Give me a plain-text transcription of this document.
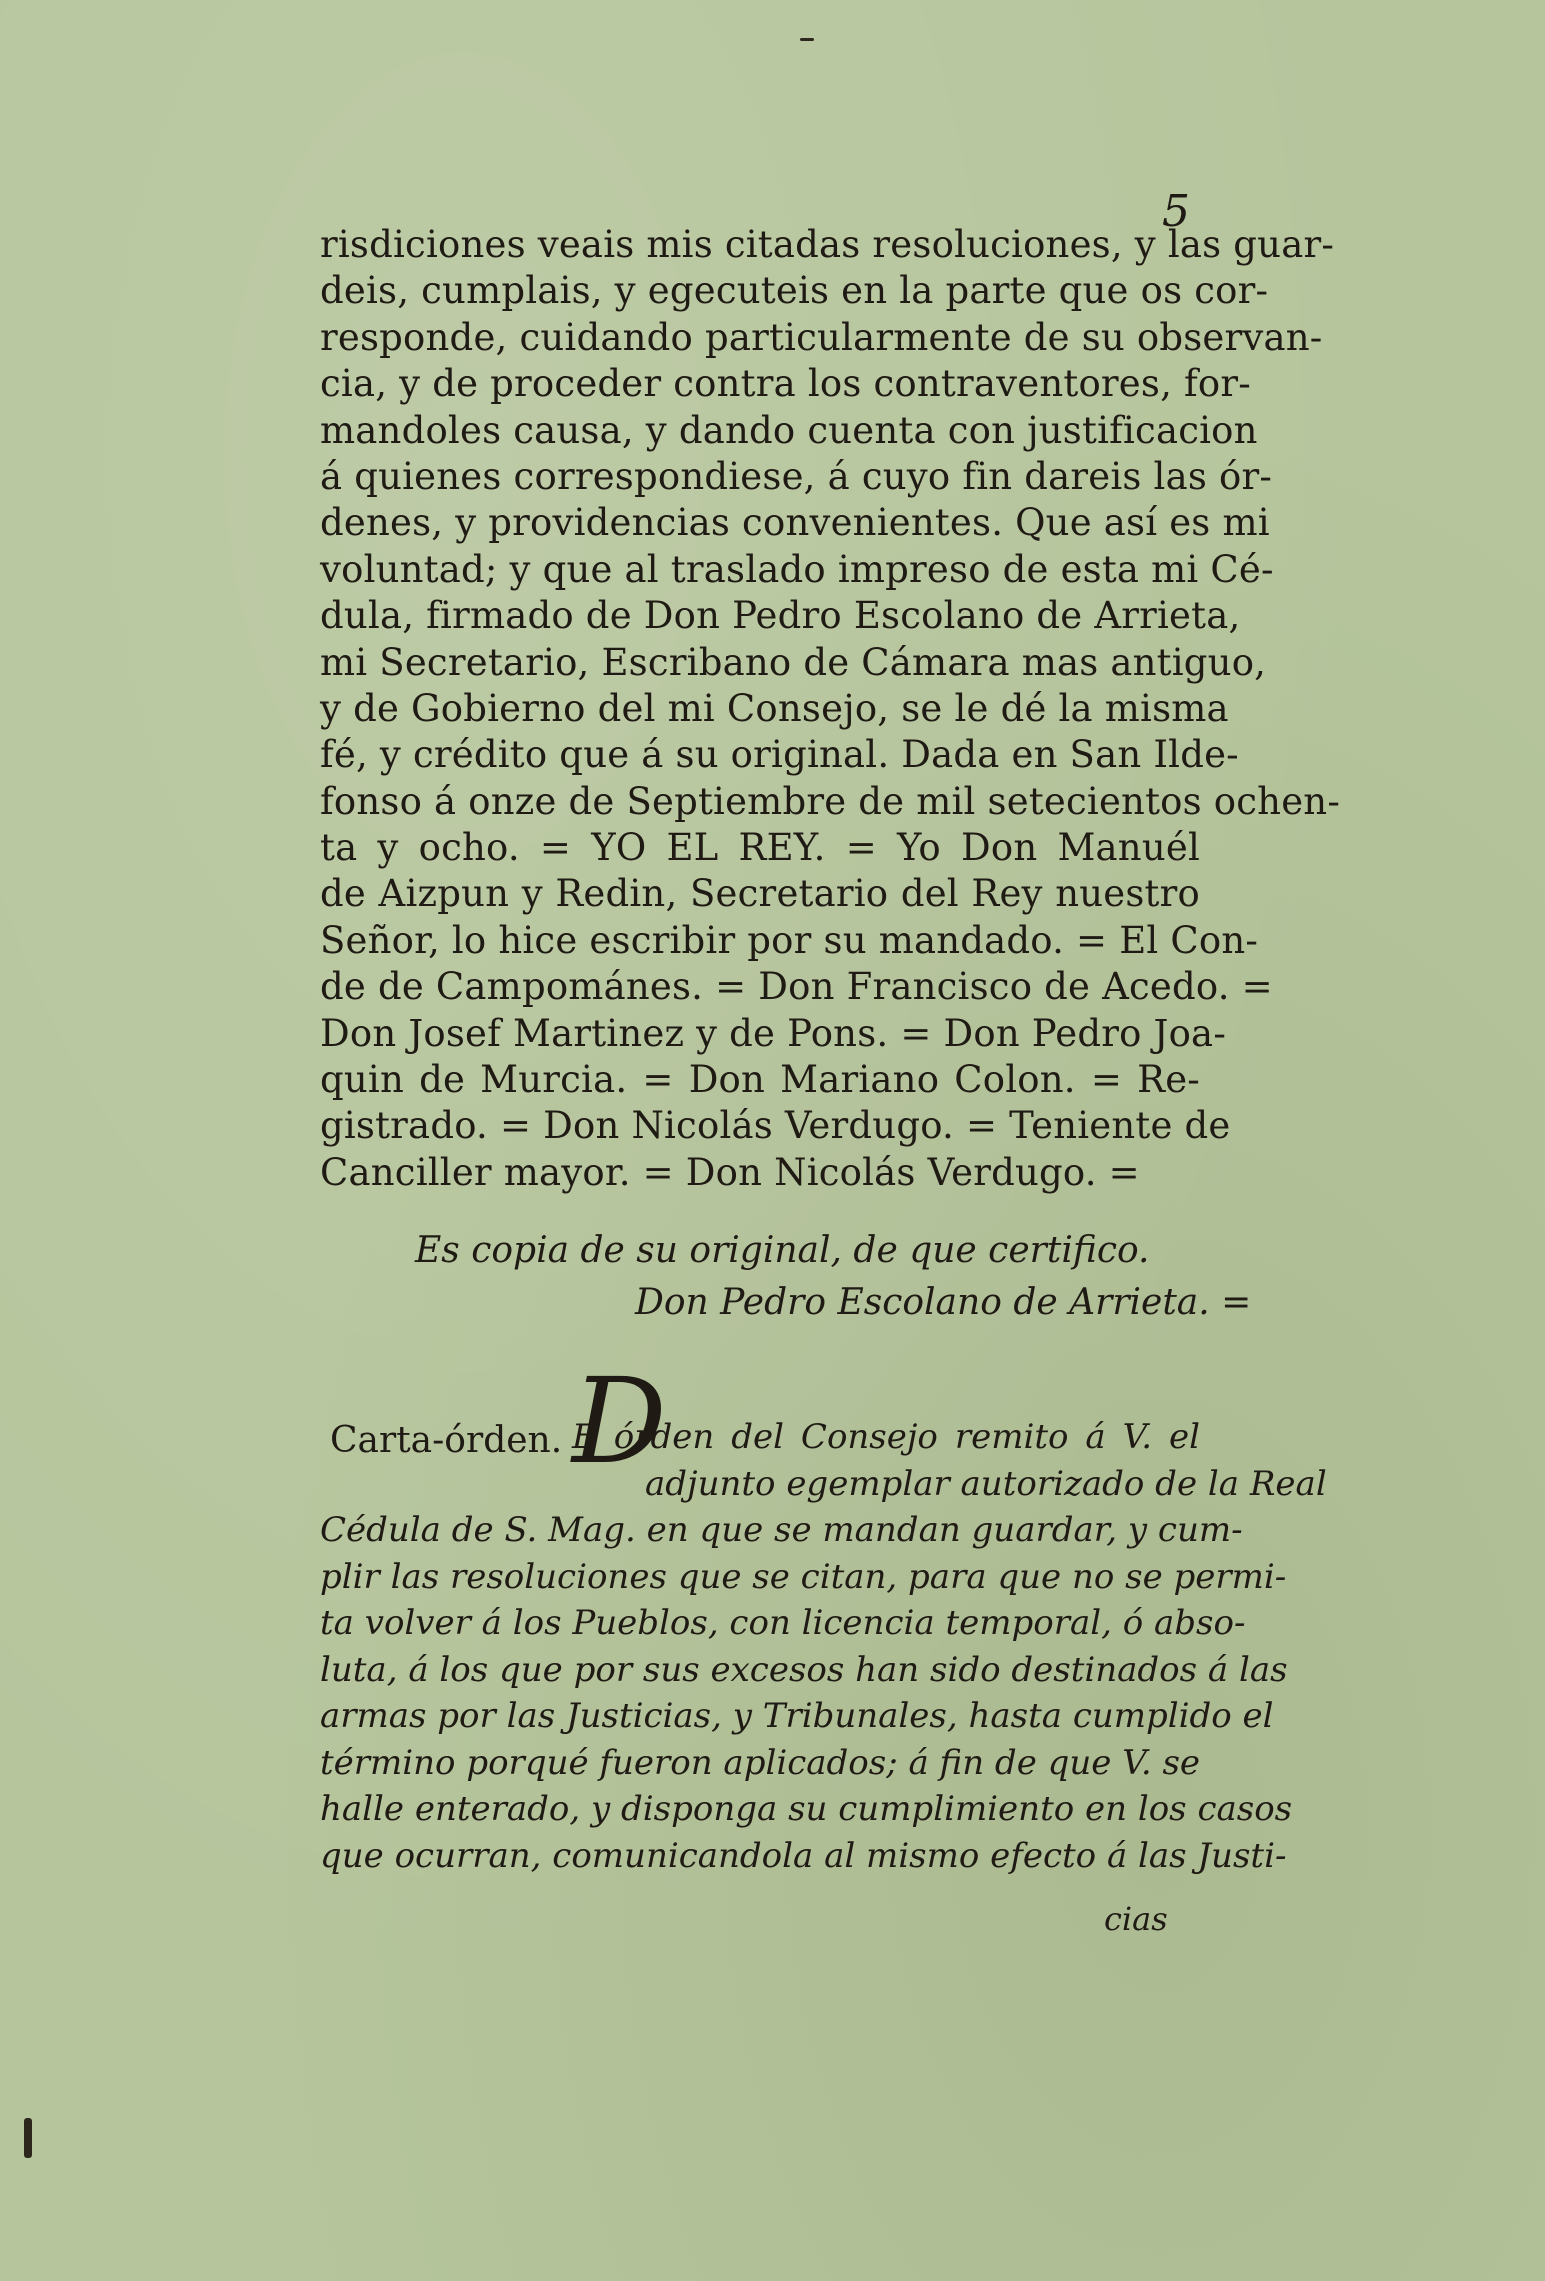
5
risdiciones veais mis citadas resoluciones, y las guar-
deis, cumplais, y egecuteis en la parte que os cor-
responde, cuidando particularmente de su observan-
cia, y de proceder contra los contraventores, for-
mandoles causa, y dando cuenta con justificacion
á quienes correspondiese, á cuyo fin dareis las ór-
denes, y providencias convenientes. Que así es mi
voluntad; y que al traslado impreso de esta mi Cé-
dula, firmado de Don Pedro Escolano de Arrieta,
mi Secretario, Escribano de Cámara mas antiguo,
y de Gobierno del mi Consejo, se le dé la misma
fé, y crédito que á su original. Dada en San Ilde-
fonso á onze de Septiembre de mil setecientos ochen-
ta y ocho. = YO EL REY. = Yo Don Manuél
de Aizpun y Redin, Secretario del Rey nuestro
Señor, lo hice escribir por su mandado. = El Con-
de de Campománes. = Don Francisco de Acedo. =
Don Josef Martinez y de Pons. = Don Pedro Joa-
quin de Murcia. = Don Mariano Colon. = Re-
gistrado. = Don Nicolás Verdugo. = Teniente de
Canciller mayor. = Don Nicolás Verdugo. =
Es copia de su original, de que certifico.
Don Pedro Escolano de Arrieta. =
Carta-órden. D
E órden del Consejo remito á V. el
adjunto egemplar autorizado de la Real
Cédula de S. Mag. en que se mandan guardar, y cum-
plir las resoluciones que se citan, para que no se permi-
ta volver á los Pueblos, con licencia temporal, ó abso-
luta, á los que por sus excesos han sido destinados á las
armas por las Justicias, y Tribunales, hasta cumplido el
término porqué fueron aplicados; á fin de que V. se
halle enterado, y disponga su cumplimiento en los casos
que ocurran, comunicandola al mismo efecto á las Justi-
cias
